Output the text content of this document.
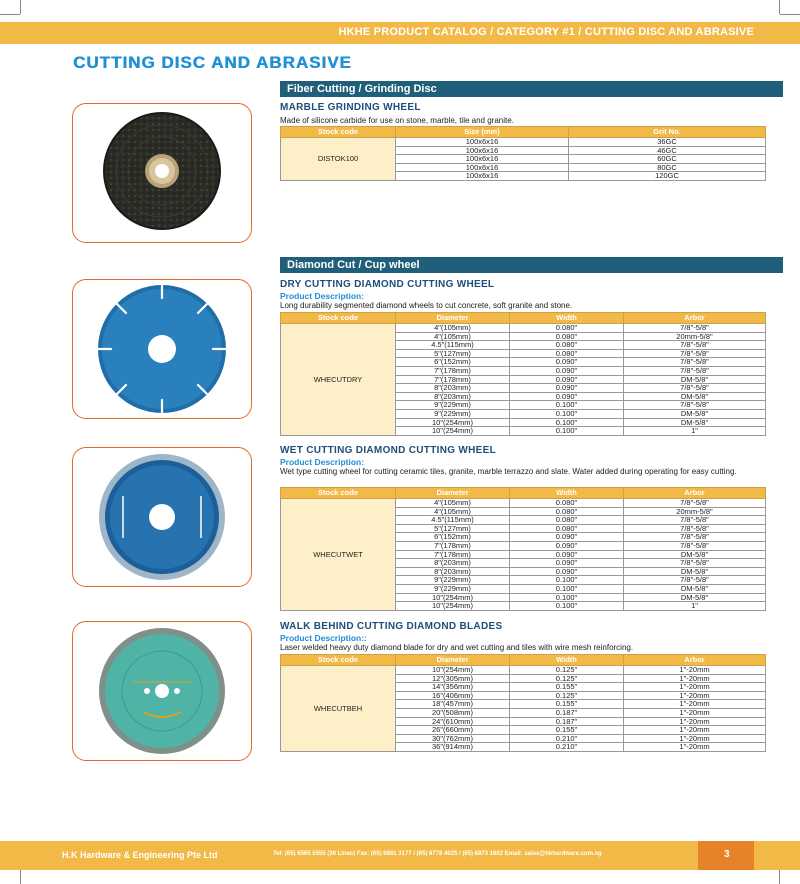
HKHE PRODUCT CATALOG / CATEGORY #1 / CUTTING DISC AND ABRASIVE
CUTTING DISC AND ABRASIVE
Fiber Cutting / Grinding Disc
MARBLE GRINDING WHEEL
Made of silicone carbide for use on stone, marble, tile and granite.
Stock code	Size (mm)	Grit No.
DISTOK100	100x6x16	36GC
	100x6x16	46GC
	100x6x16	60GC
	100x6x16	80GC
	100x6x16	120GC
Diamond Cut / Cup wheel
DRY CUTTING DIAMOND CUTTING WHEEL
Product Description:
Long durability segmented diamond wheels to cut concrete, soft granite and stone.
Stock code	Diameter	Width	Arbor
WHECUTDRY	4"(105mm)	0.080"	7/8"-5/8"
	4"(105mm)	0.080"	20mm-5/8"
	4.5"(115mm)	0.080"	7/8"-5/8"
	5"(127mm)	0.080"	7/8"-5/8"
	6"(152mm)	0.090"	7/8"-5/8"
	7"(178mm)	0.090"	7/8"-5/8"
	7"(178mm)	0.090"	DM-5/8"
	8"(203mm)	0.090"	7/8"-5/8"
	8"(203mm)	0.090"	DM-5/8"
	9"(229mm)	0.100"	7/8"-5/8"
	9"(229mm)	0.100"	DM-5/8"
	10"(254mm)	0.100"	DM-5/8"
	10"(254mm)	0.100"	1"
WET CUTTING DIAMOND CUTTING WHEEL
Product Description:
Wet type cutting wheel for cutting ceramic tiles, granite, marble terrazzo and slate. Water added during operating for easy cutting.
Stock code	Diameter	Width	Arbor
WHECUTWET	4"(105mm)	0.080"	7/8"-5/8"
	4"(105mm)	0.080"	20mm-5/8"
	4.5"(115mm)	0.080"	7/8"-5/8"
	5"(127mm)	0.080"	7/8"-5/8"
	6"(152mm)	0.090"	7/8"-5/8"
	7"(178mm)	0.090"	7/8"-5/8"
	7"(178mm)	0.090"	DM-5/8"
	8"(203mm)	0.090"	7/8"-5/8"
	8"(203mm)	0.090"	DM-5/8"
	9"(229mm)	0.100"	7/8"-5/8"
	9"(229mm)	0.100"	DM-5/8"
	10"(254mm)	0.100"	DM-5/8"
	10"(254mm)	0.100"	1"
WALK BEHIND CUTTING DIAMOND BLADES
Product Description::
Laser welded heavy duty diamond blade for dry and wet cutting and tiles with wire mesh reinforcing.
Stock code	Diameter	Width	Arbor
WHECUTBEH	10"(254mm)	0.125"	1"-20mm
	12"(305mm)	0.125"	1"-20mm
	14"(356mm)	0.155"	1"-20mm
	16"(406mm)	0.125"	1"-20mm
	18"(457mm)	0.155"	1"-20mm
	20"(508mm)	0.187"	1"-20mm
	24"(610mm)	0.187"	1"-20mm
	26"(660mm)	0.155"	1"-20mm
	30"(762mm)	0.210"	1"-20mm
	36"(914mm)	0.210"	1"-20mm
H.K Hardware & Engineering Pte Ltd	Tel: (65) 6565 5555 (30 Lines) Fax: (65) 6861 3177 / (65) 6778 4025 / (65) 6873 1602 Email: sales@hkhardware.com.sg	3
